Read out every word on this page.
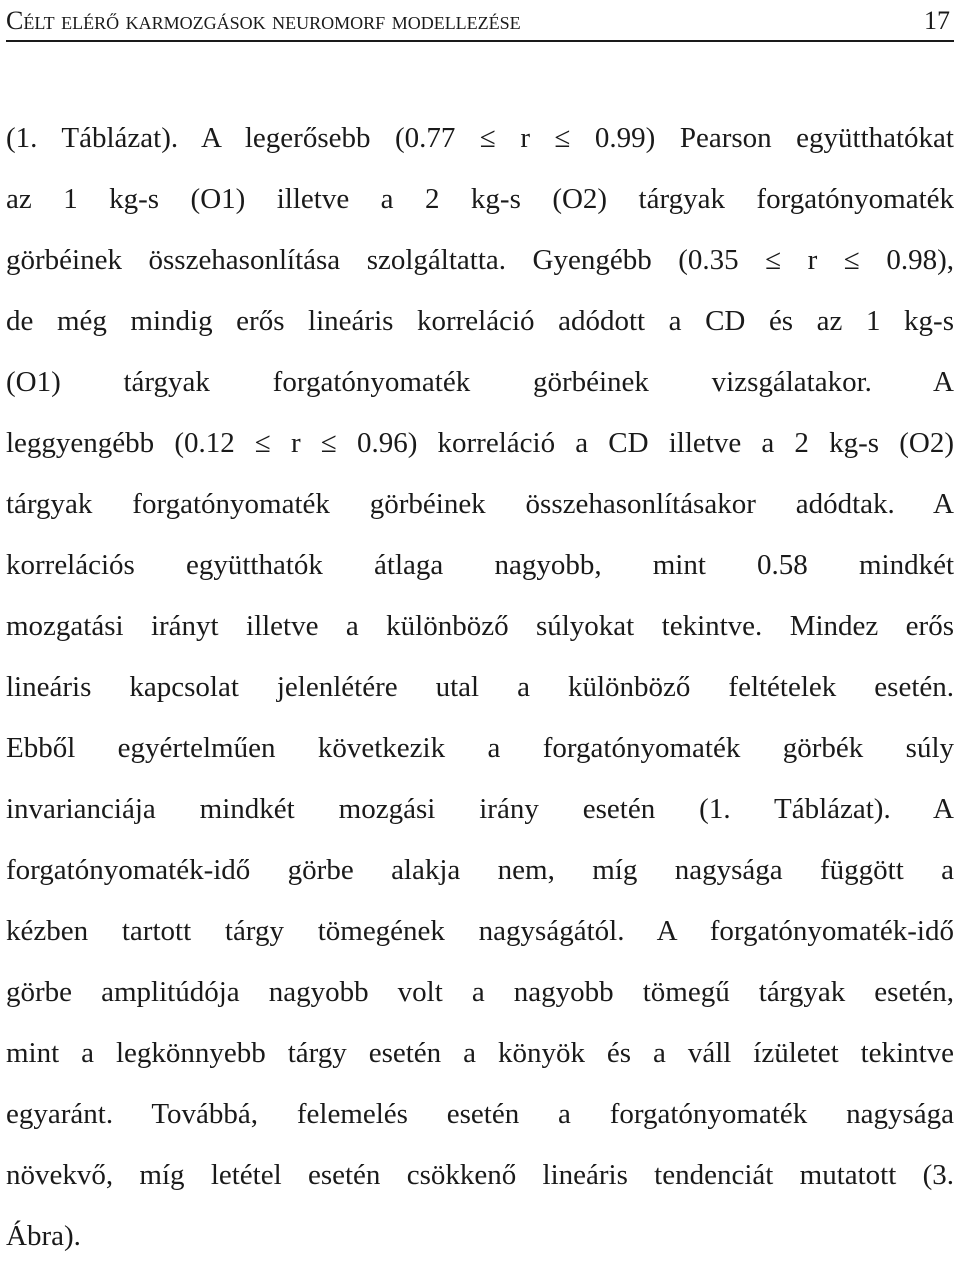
Célt elérő karmozgások neuromorf modellezése	17
(1. Táblázat). A legerősebb (0.77 ≤ r ≤ 0.99) Pearson együtthatókat
az 1 kg-s (O1) illetve a 2 kg-s (O2) tárgyak forgatónyomaték
görbéinek összehasonlítása szolgáltatta. Gyengébb (0.35 ≤ r ≤ 0.98),
de még mindig erős lineáris korreláció adódott a CD és az 1 kg-s
(O1) tárgyak forgatónyomaték görbéinek vizsgálatakor. A
leggyengébb (0.12 ≤ r ≤ 0.96) korreláció a CD illetve a 2 kg-s (O2)
tárgyak forgatónyomaték görbéinek összehasonlításakor adódtak. A
korrelációs együtthatók átlaga nagyobb, mint 0.58 mindkét
mozgatási irányt illetve a különböző súlyokat tekintve. Mindez erős
lineáris kapcsolat jelenlétére utal a különböző feltételek esetén.
Ebből egyértelműen következik a forgatónyomaték görbék súly
invarianciája mindkét mozgási irány esetén (1. Táblázat). A
forgatónyomaték-idő görbe alakja nem, míg nagysága függött a
kézben tartott tárgy tömegének nagyságától. A forgatónyomaték-idő
görbe amplitúdója nagyobb volt a nagyobb tömegű tárgyak esetén,
mint a legkönnyebb tárgy esetén a könyök és a váll ízületet tekintve
egyaránt. Továbbá, felemelés esetén a forgatónyomaték nagysága
növekvő, míg letétel esetén csökkenő lineáris tendenciát mutatott (3.
Ábra).
